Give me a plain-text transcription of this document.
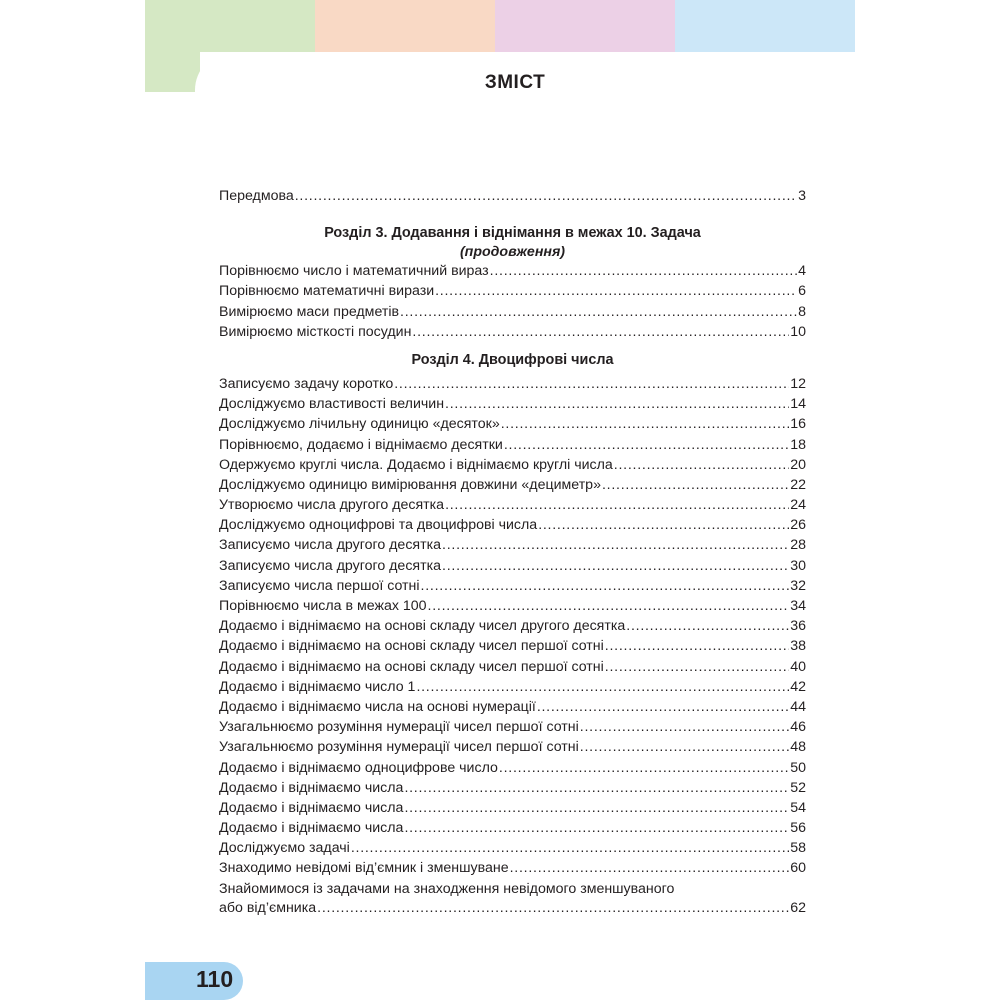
ЗМІСТ
Передмова . . .	3
Розділ 3. Додавання і віднімання в межах 10. Задача
(продовження)
Порівнюємо число і математичний вираз . . .	4
Порівнюємо математичні вирази . . .	6
Вимірюємо маси предметів . . .	8
Вимірюємо місткості посудин . . .	10
Розділ 4. Двоцифрові числа
Записуємо задачу коротко . . .	12
Досліджуємо властивості величин . . .	14
Досліджуємо лічильну одиницю «десяток» . . .	16
Порівнюємо, додаємо і віднімаємо десятки . . .	18
Одержуємо круглі числа. Додаємо і віднімаємо круглі числа . . .	20
Досліджуємо одиницю вимірювання довжини «дециметр» . . .	22
Утворюємо числа другого десятка . . .	24
Досліджуємо одноцифрові та двоцифрові числа . . .	26
Записуємо числа другого десятка . . .	28
Записуємо числа другого десятка . . .	30
Записуємо числа першої сотні . . .	32
Порівнюємо числа в межах 100 . . .	34
Додаємо і віднімаємо на основі складу чисел другого десятка . . .	36
Додаємо і віднімаємо на основі складу чисел першої сотні . . .	38
Додаємо і віднімаємо на основі складу чисел першої сотні . . .	40
Додаємо і віднімаємо число 1 . . .	42
Додаємо і віднімаємо числа на основі нумерації . . .	44
Узагальнюємо розуміння нумерації чисел першої сотні . . .	46
Узагальнюємо розуміння нумерації чисел першої сотні . . .	48
Додаємо і віднімаємо одноцифрове число . . .	50
Додаємо і віднімаємо числа . . .	52
Додаємо і віднімаємо числа . . .	54
Додаємо і віднімаємо числа . . .	56
Досліджуємо задачі . . .	58
Знаходимо невідомі від’ємник і зменшуване . . .	60
Знайомимося із задачами на знаходження невідомого зменшуваного
або від’ємника . . .	62
110
